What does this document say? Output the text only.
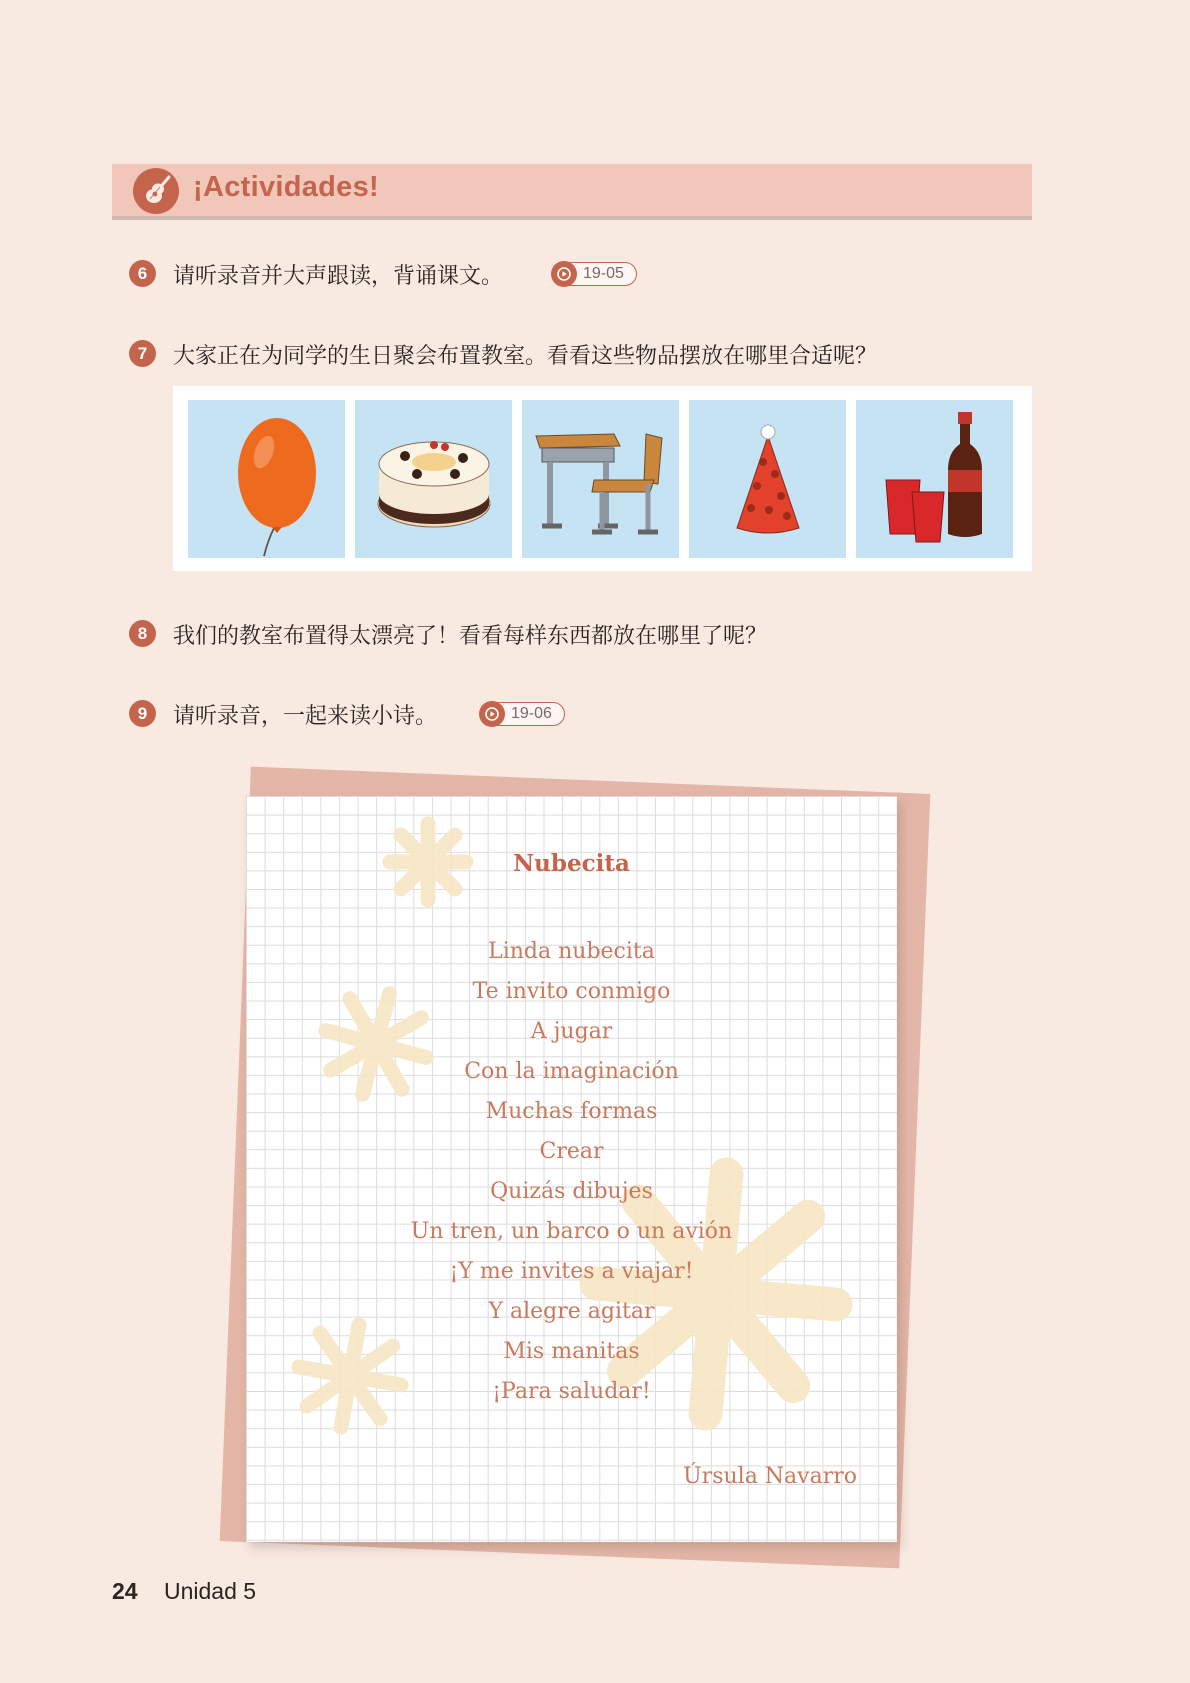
¡Actividades!
6	请听录音并大声跟读，背诵课文。	19-05
7	大家正在为同学的生日聚会布置教室。看看这些物品摆放在哪里合适呢？
8	我们的教室布置得太漂亮了！看看每样东西都放在哪里了呢？
9	请听录音，一起来读小诗。	19-06
Nubecita
Linda nubecita
Te invito conmigo
A jugar
Con la imaginación
Muchas formas
Crear
Quizás dibujes
Un tren, un barco o un avión
¡Y me invites a viajar!
Y alegre agitar
Mis manitas
¡Para saludar!
Úrsula Navarro
24 Unidad 5
